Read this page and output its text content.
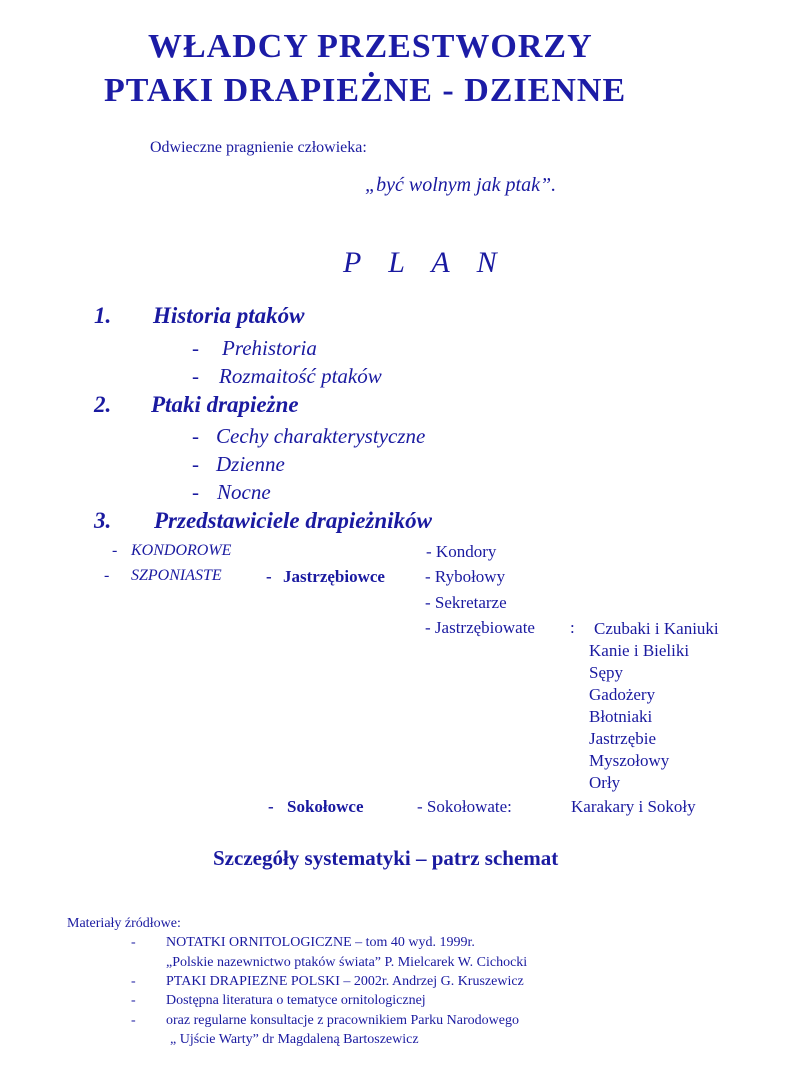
WŁADCY PRZESTWORZY
PTAKI DRAPIEŻNE - DZIENNE
Odwieczne pragnienie człowieka:
„być wolnym jak ptak”.
P L A N
1. Historia ptaków
- Prehistoria
- Rozmaitość ptaków
2. Ptaki drapieżne
- Cechy charakterystyczne
- Dzienne
- Nocne
3. Przedstawiciele drapieżników
- KONDOROWE	- Kondory
- SZPONIASTE	- Jastrzębiowce - Rybołowy
- Sekretarze
- Jastrzębiowate : Czubaki i Kaniuki
Kanie i Bieliki
Sępy
Gadożery
Błotniaki
Jastrzębie
Myszołowy
Orły
- Sokołowce	- Sokołowate:	Karakary i Sokoły
Szczegóły systematyki – patrz schemat
Materiały źródłowe:
- NOTATKI ORNITOLOGICZNE – tom 40 wyd. 1999r.
„Polskie nazewnictwo ptaków świata” P. Mielcarek W. Cichocki
- PTAKI DRAPIEZNE POLSKI – 2002r. Andrzej G. Kruszewicz
- Dostępna literatura o tematyce ornitologicznej
- oraz regularne konsultacje z pracownikiem Parku Narodowego
„ Ujście Warty” dr Magdaleną Bartoszewicz
